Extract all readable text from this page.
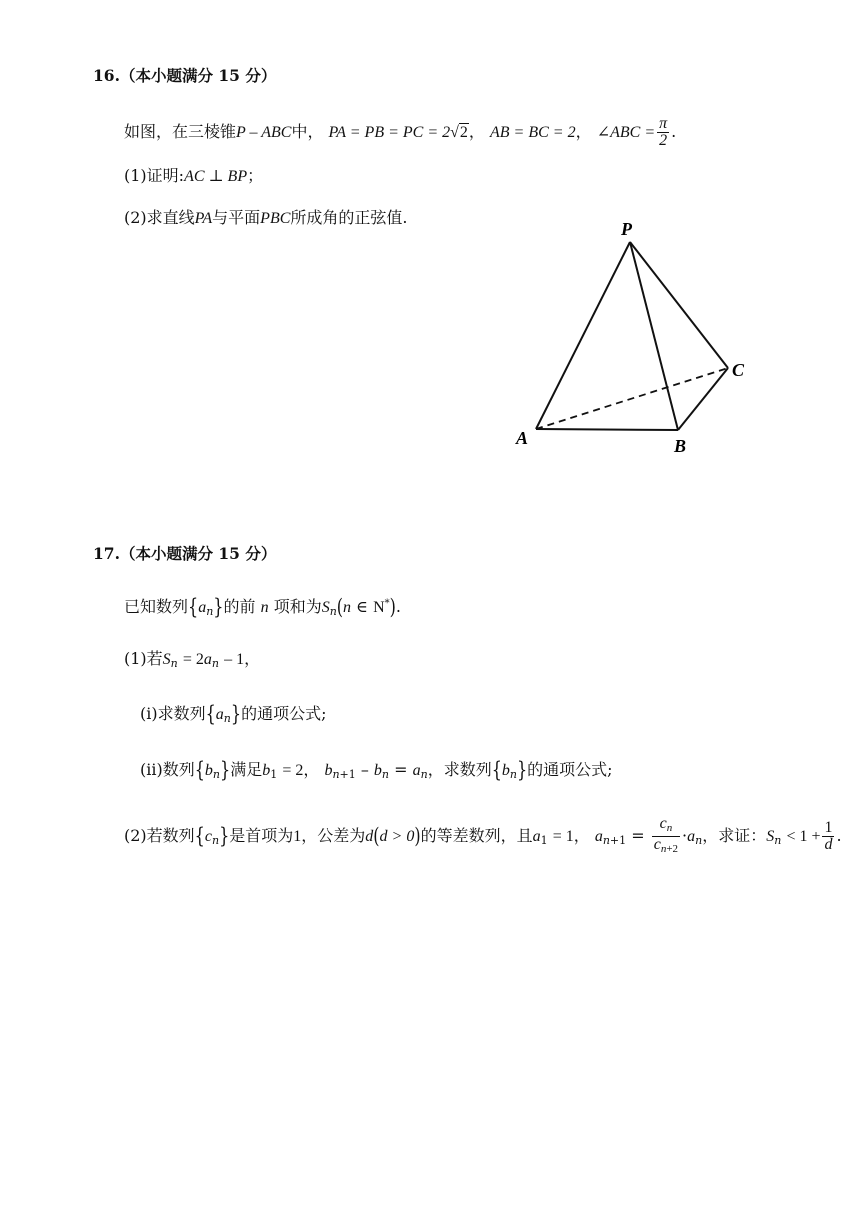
16.（本小题满分 15 分）
如图，在三棱锥P – ABC中， PA = PB = PC = 2√2， AB = BC = 2， ∠ABC = $\frac{\pi}{2}$ .
(1)证明:AC ⊥ BP；
(2)求直线PA与平面PBC所成角的正弦值.
P
A	B
C
17.（本小题满分 15 分）
已知数列$\{a_n\}$的前 n 项和为$S_n(n$ ∈ N*).
(1)若$S_n = 2a_n - 1$，
(i)求数列$\{a_n\}$的通项公式;
(ii)数列$\{b_n\}$满足$b_1 = 2$， $b_{n+1} - b_n = a_n$，求数列$\{b_n\}$的通项公式;
(2)若数列$\{c_n\}$是首项为1，公差为d(d > 0)的等差数列，且$a_1 = 1$， $a_{n+1} = \frac{c_n}{c_{n+2}} \cdot a_n$，求证：$S_n < 1 + \frac{1}{d}$ .
